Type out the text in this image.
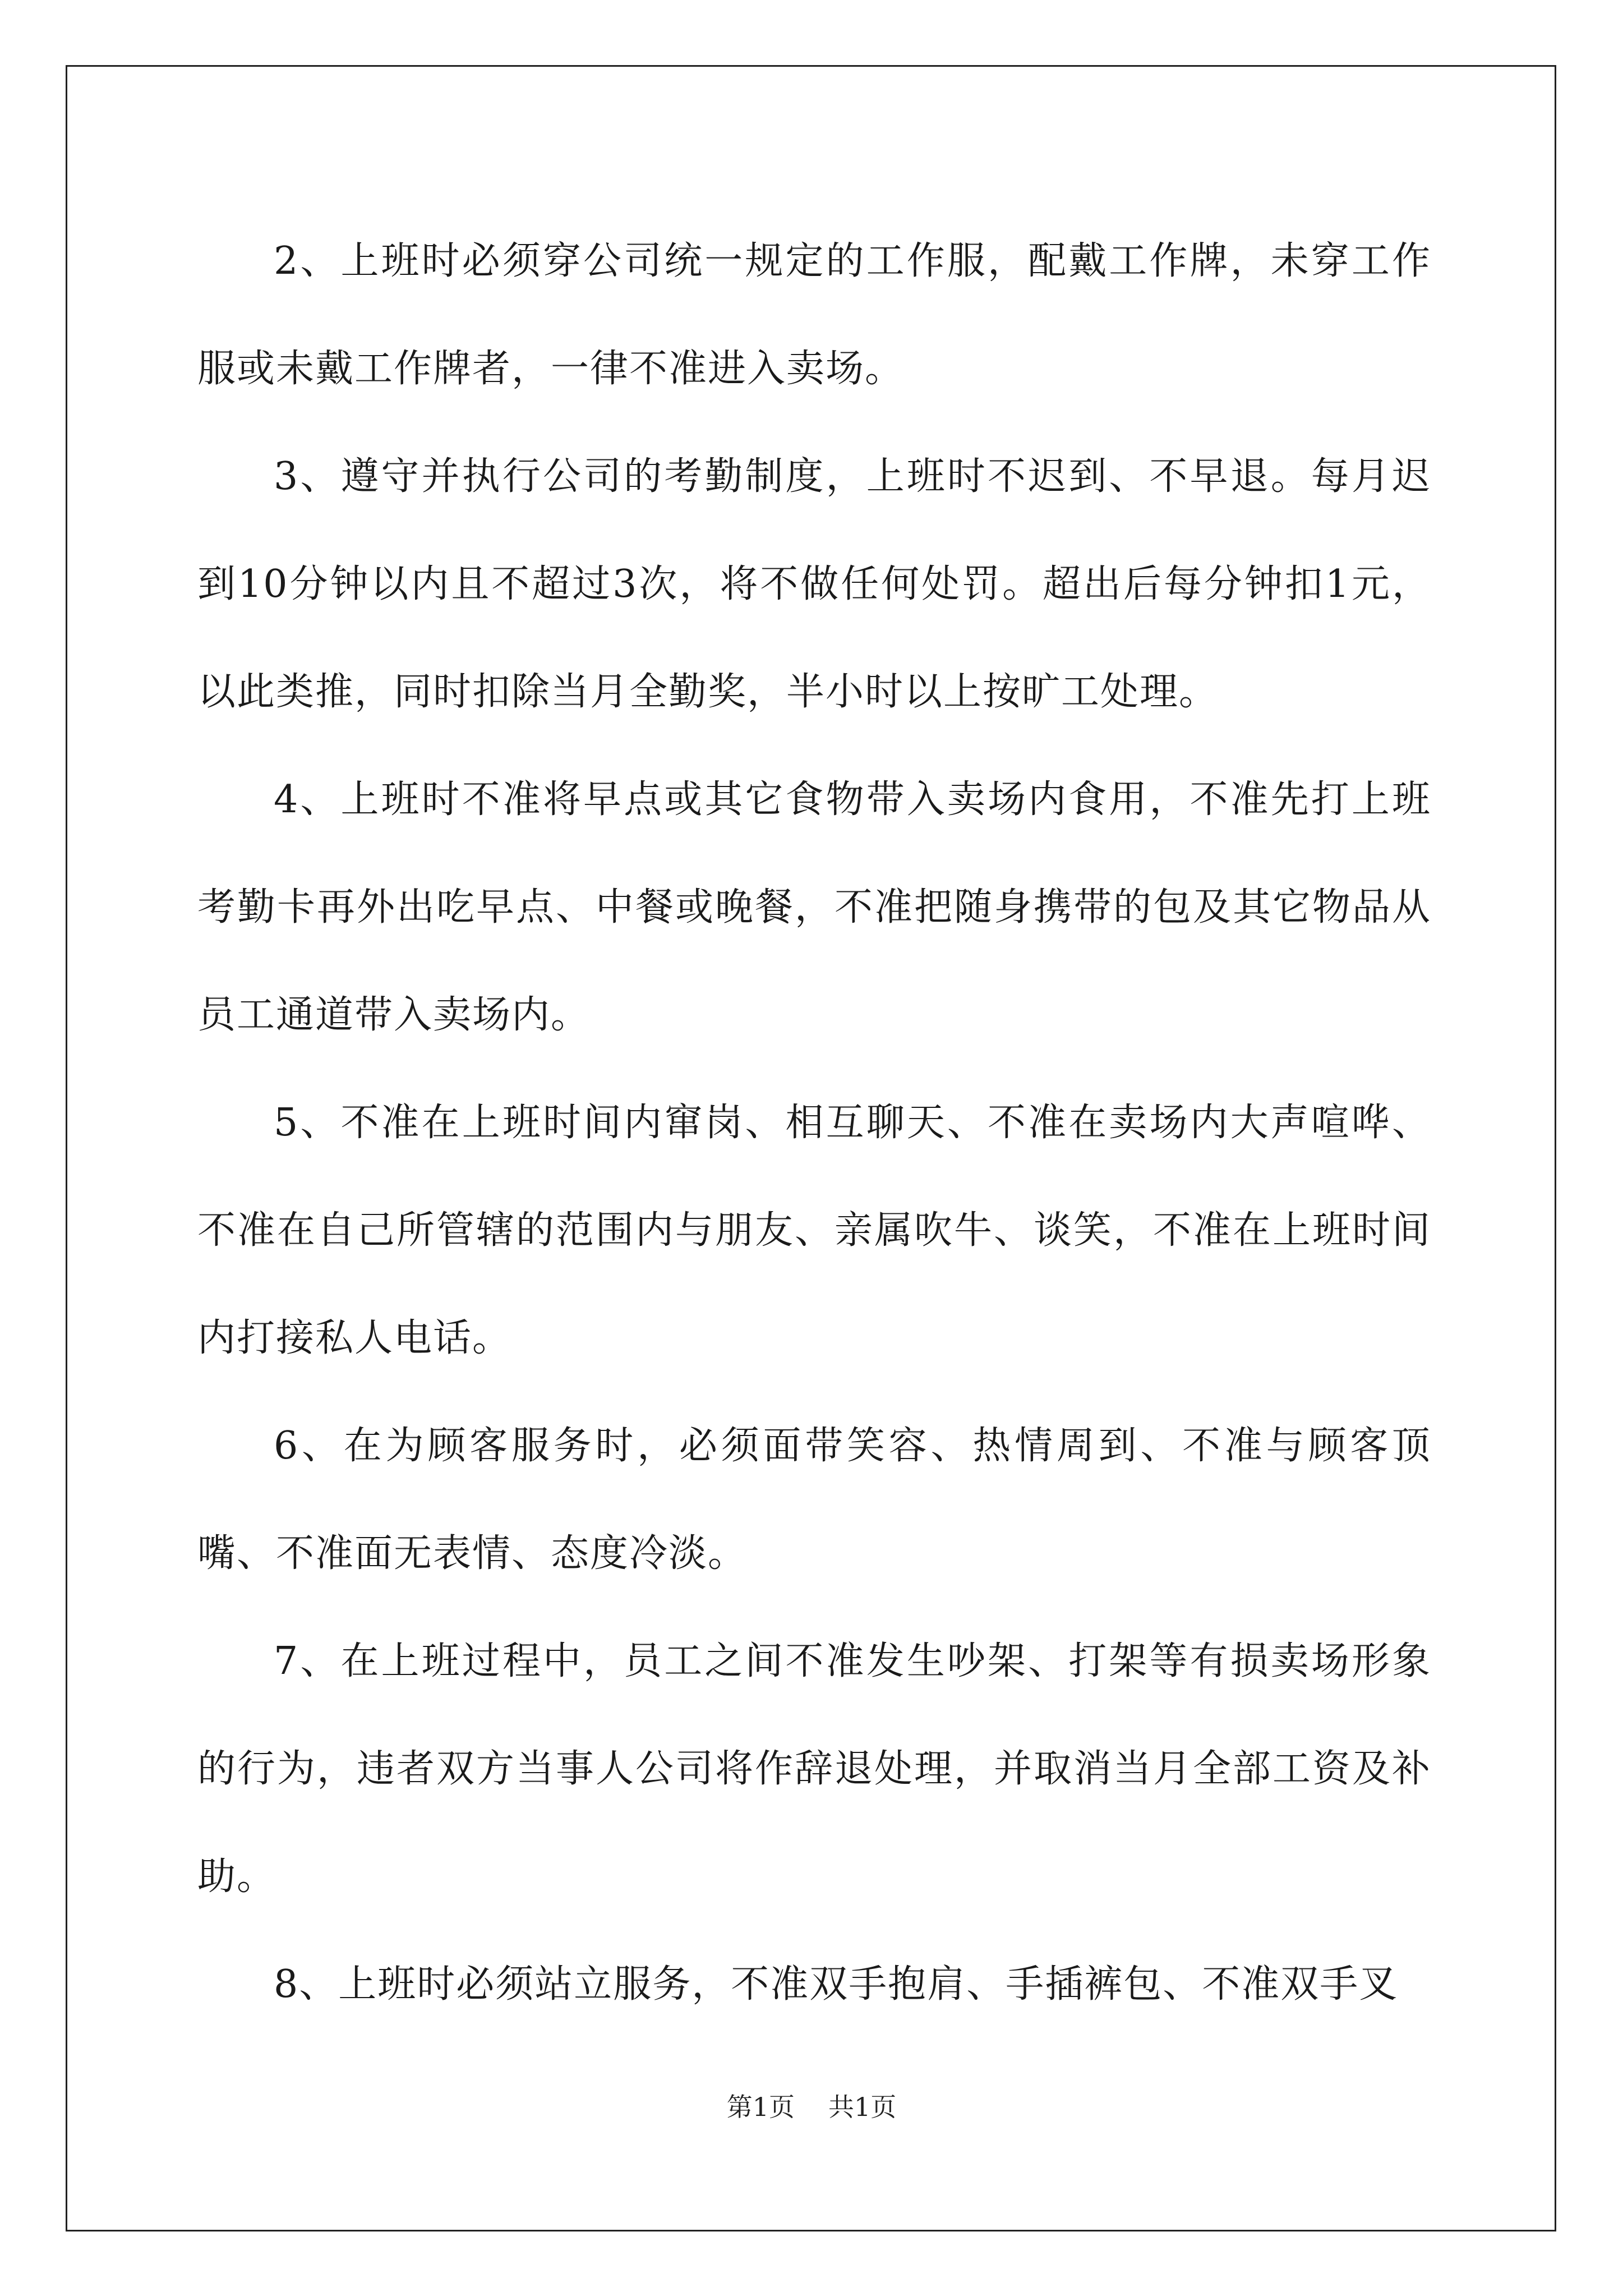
2、上班时必须穿公司统一规定的工作服，配戴工作牌，未穿工作服或未戴工作牌者，一律不准进入卖场。

3、遵守并执行公司的考勤制度，上班时不迟到、不早退。每月迟到10分钟以内且不超过3次，将不做任何处罚。超出后每分钟扣1元，以此类推，同时扣除当月全勤奖，半小时以上按旷工处理。

4、上班时不准将早点或其它食物带入卖场内食用，不准先打上班考勤卡再外出吃早点、中餐或晚餐，不准把随身携带的包及其它物品从员工通道带入卖场内。

5、不准在上班时间内窜岗、相互聊天、不准在卖场内大声喧哗、不准在自己所管辖的范围内与朋友、亲属吹牛、谈笑，不准在上班时间内打接私人电话。

6、在为顾客服务时，必须面带笑容、热情周到、不准与顾客顶嘴、不准面无表情、态度冷淡。

7、在上班过程中，员工之间不准发生吵架、打架等有损卖场形象的行为，违者双方当事人公司将作辞退处理，并取消当月全部工资及补助。

8、上班时必须站立服务，不准双手抱肩、手插裤包、不准双手叉

第1页 共1页
